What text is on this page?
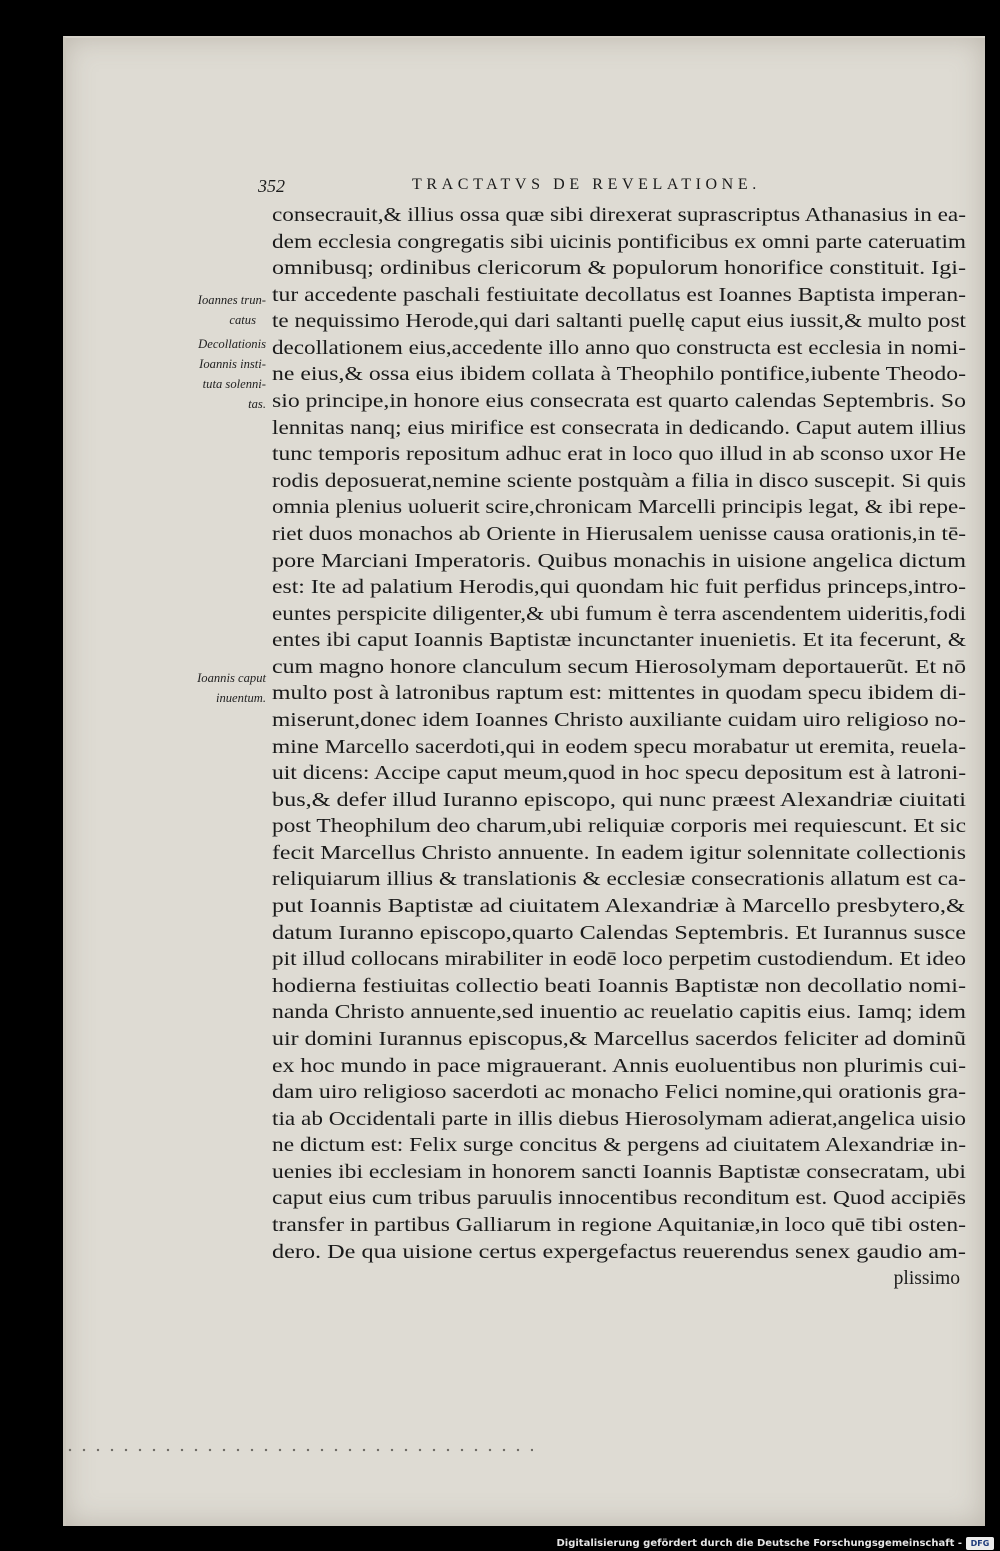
352	TRACTATVS DE REVELATIONE.
Ioannes trun-
catus
Decollationis
Ioannis insti-
tuta solenni-
tas.
Ioannis caput
inuentum.
consecrauit,& illius ossa quæ sibi direxerat suprascriptus Athanasius in ea-
dem ecclesia congregatis sibi uicinis pontificibus ex omni parte cateruatim
omnibusq; ordinibus clericorum & populorum honorifice constituit. Igi-
tur accedente paschali festiuitate decollatus est Ioannes Baptista imperan-
te nequissimo Herode,qui dari saltanti puellę caput eius iussit,& multo post
decollationem eius,accedente illo anno quo constructa est ecclesia in nomi-
ne eius,& ossa eius ibidem collata à Theophilo pontifice,iubente Theodo-
sio principe,in honore eius consecrata est quarto calendas Septembris. So
lennitas nanq; eius mirifice est consecrata in dedicando. Caput autem illius
tunc temporis repositum adhuc erat in loco quo illud in ab sconso uxor He
rodis deposuerat,nemine sciente postquàm a filia in disco suscepit. Si quis
omnia plenius uoluerit scire,chronicam Marcelli principis legat, & ibi repe-
riet duos monachos ab Oriente in Hierusalem uenisse causa orationis,in tē-
pore Marciani Imperatoris. Quibus monachis in uisione angelica dictum
est: Ite ad palatium Herodis,qui quondam hic fuit perfidus princeps,intro-
euntes perspicite diligenter,& ubi fumum è terra ascendentem uideritis,fodi
entes ibi caput Ioannis Baptistæ incunctanter inuenietis. Et ita fecerunt, &
cum magno honore clanculum secum Hierosolymam deportauerũt. Et nō
multo post à latronibus raptum est: mittentes in quodam specu ibidem di-
miserunt,donec idem Ioannes Christo auxiliante cuidam uiro religioso no-
mine Marcello sacerdoti,qui in eodem specu morabatur ut eremita, reuela-
uit dicens: Accipe caput meum,quod in hoc specu depositum est à latroni-
bus,& defer illud Iuranno episcopo, qui nunc præest Alexandriæ ciuitati
post Theophilum deo charum,ubi reliquiæ corporis mei requiescunt. Et sic
fecit Marcellus Christo annuente. In eadem igitur solennitate collectionis
reliquiarum illius & translationis & ecclesiæ consecrationis allatum est ca-
put Ioannis Baptistæ ad ciuitatem Alexandriæ à Marcello presbytero,&
datum Iuranno episcopo,quarto Calendas Septembris. Et Iurannus susce
pit illud collocans mirabiliter in eodē loco perpetim custodiendum. Et ideo
hodierna festiuitas collectio beati Ioannis Baptistæ non decollatio nomi-
nanda Christo annuente,sed inuentio ac reuelatio capitis eius. Iamq; idem
uir domini Iurannus episcopus,& Marcellus sacerdos feliciter ad dominũ
ex hoc mundo in pace migrauerant. Annis euoluentibus non plurimis cui-
dam uiro religioso sacerdoti ac monacho Felici nomine,qui orationis gra-
tia ab Occidentali parte in illis diebus Hierosolymam adierat,angelica uisio
ne dictum est: Felix surge concitus & pergens ad ciuitatem Alexandriæ in-
uenies ibi ecclesiam in honorem sancti Ioannis Baptistæ consecratam, ubi
caput eius cum tribus paruulis innocentibus reconditum est. Quod accipiēs
transfer in partibus Galliarum in regione Aquitaniæ,in loco quē tibi osten-
dero. De qua uisione certus expergefactus reuerendus senex gaudio am-
plissimo
Digitalisierung gefördert durch die Deutsche Forschungsgemeinschaft -	DFG
